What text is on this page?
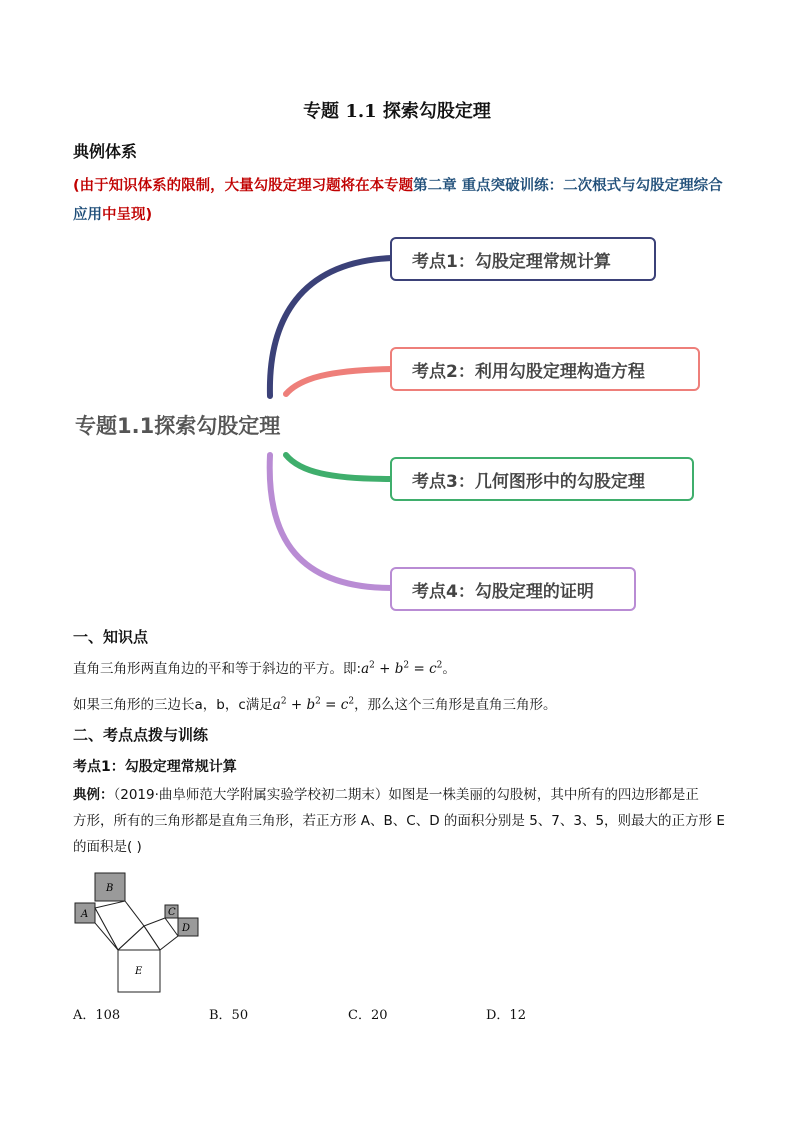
专题 1.1 探索勾股定理
典例体系
(由于知识体系的限制，大量勾股定理习题将在本专题第二章 重点突破训练：二次根式与勾股定理综合应用中呈现)
专题1.1探索勾股定理
考点1：勾股定理常规计算
考点2：利用勾股定理构造方程
考点3：几何图形中的勾股定理
考点4：勾股定理的证明
一、知识点
直角三角形两直角边的平和等于斜边的平方。即$:a^2 + b^2 = c^2$。
如果三角形的三边长a，b，c满足$a^2 + b^2 = c^2$，那么这个三角形是直角三角形。
二、考点点拨与训练
考点1：勾股定理常规计算
典例：（2019·曲阜师范大学附属实验学校初二期末）如图是一株美丽的勾股树，其中所有的四边形都是正
方形，所有的三角形都是直角三角形，若正方形 A、B、C、D 的面积分别是 5、7、3、5，则最大的正方形 E
的面积是( )
B
A	C
D
E
A．108	B．50	C．20	D．12
